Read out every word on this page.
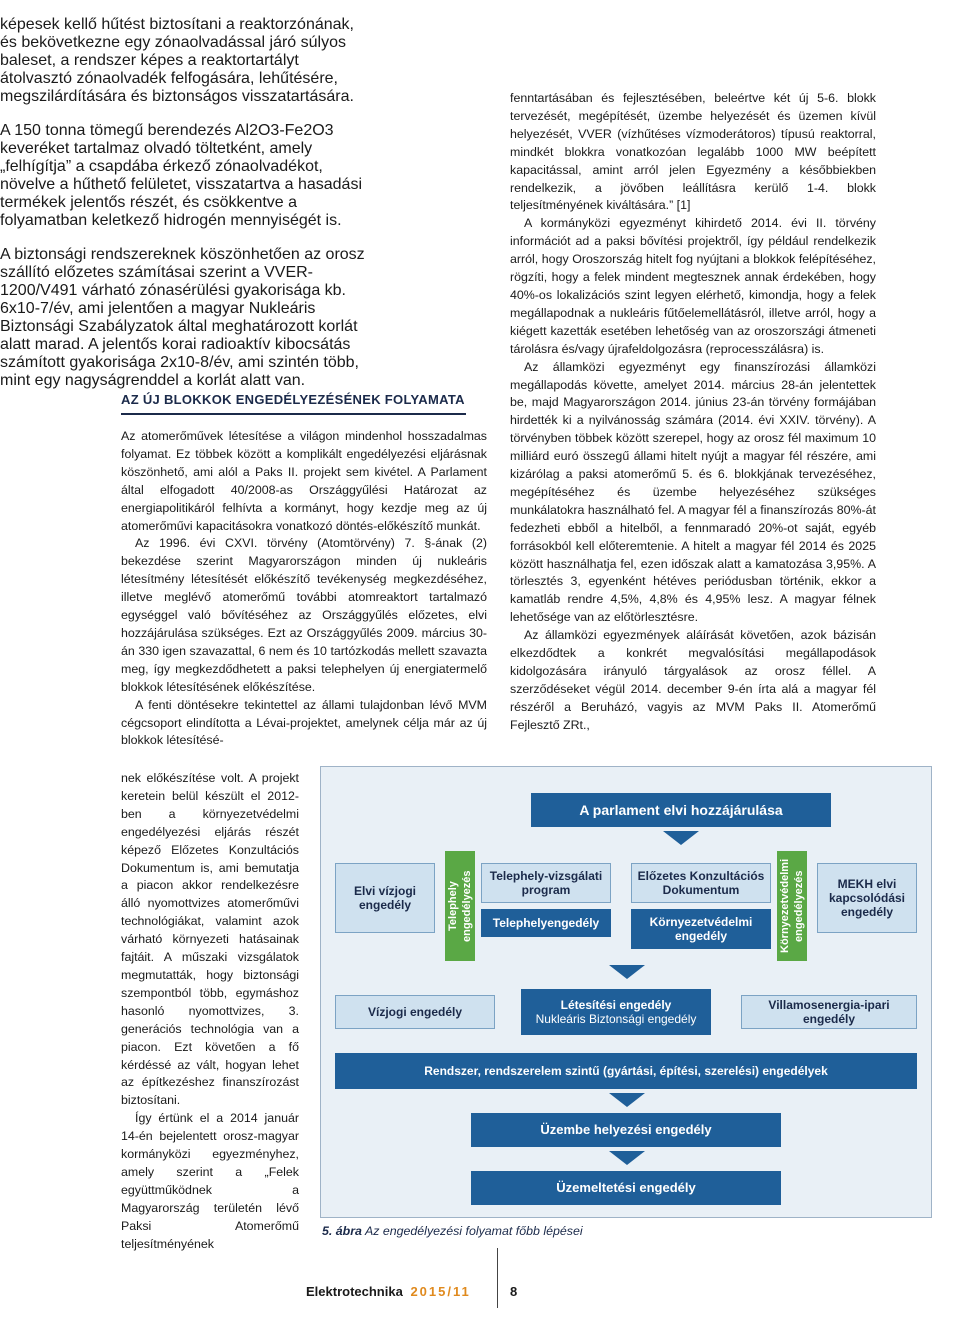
képesek kellő hűtést biztosítani a reaktorzónának, és bekövetkezne egy zónaolvadással járó súlyos baleset, a rendszer képes a reaktortartályt átolvasztó zónaolvadék felfogására, lehűtésére, megszilárdítására és biztonságos visszatartására.

A 150 tonna tömegű berendezés Al2O3-Fe2O3 keveréket tartalmaz olvadó töltetként, amely „felhígítja” a csapdába érkező zónaolvadékot, növelve a hűthető felületet, visszatartva a hasadási termékek jelentős részét, és csökkentve a folyamatban keletkező hidrogén mennyiségét is.

A biztonsági rendszereknek köszönhetően az orosz szállító előzetes számításai szerint a VVER-1200/V491 várható zónasérülési gyakorisága kb. 6x10-7/év, ami jelentően a magyar Nukleáris Biztonsági Szabályzatok által meghatározott korlát alatt marad. A jelentős korai radioaktív kibocsátás számított gyakorisága 2x10-8/év, ami szintén több, mint egy nagyságrenddel a korlát alatt van.

AZ ÚJ BLOKKOK ENGEDÉLYEZÉSÉNEK FOLYAMATA

Az atomerőművek létesítése a világon mindenhol hosszadalmas folyamat. Ez többek között a komplikált engedélyezési eljárásnak köszönhető, ami alól a Paks II. projekt sem kivétel. A Parlament által elfogadott 40/2008-as Országgyűlési Határozat az energiapolitikáról felhívta a kormányt, hogy kezdje meg az új atomerőművi kapacitásokra vonatkozó döntés-előkészítő munkát.

Az 1996. évi CXVI. törvény (Atomtörvény) 7. §-ának (2) bekezdése szerint Magyarországon minden új nukleáris létesítmény létesítését előkészítő tevékenység megkezdéséhez, illetve meglévő atomerőmű további atomreaktort tartalmazó egységgel való bővítéséhez az Országgyűlés előzetes, elvi hozzájárulása szükséges. Ezt az Országgyűlés 2009. március 30-án 330 igen szavazattal, 6 nem és 10 tartózkodás mellett szavazta meg, így megkezdődhetett a paksi telephelyen új energiatermelő blokkok létesítésének előkészítése.

A fenti döntésekre tekintettel az állami tulajdonban lévő MVM cégcsoport elindította a Lévai-projektet, amelynek célja már az új blokkok létesítésé-

nek előkészítése volt. A projekt keretein belül készült el 2012-ben a környezetvédelmi engedélyezési eljárás részét képező Előzetes Konzultációs Dokumentum is, ami bemutatja a piacon akkor rendelkezésre álló nyomottvizes atomerőművi technológiákat, valamint azok várható környezeti hatásainak fajtáit. A műszaki vizsgálatok megmutatták, hogy biztonsági szempontból több, egymáshoz hasonló nyomottvizes, 3. generációs technológia van a piacon. Ezt követően a fő kérdéssé az vált, hogyan lehet az építkezéshez finanszírozást biztosítani.

Így értünk el a 2014 január 14-én bejelentett orosz-magyar kormányközi egyezményhez, amely szerint a „Felek együttműködnek a Magyarország területén lévő Paksi Atomerőmű teljesítményének

fenntartásában és fejlesztésében, beleértve két új 5-6. blokk tervezését, megépítését, üzembe helyezését és üzemen kívül helyezését, VVER (vízhűtéses vízmoderátoros) típusú reaktorral, mindkét blokkra vonatkozóan legalább 1000 MW beépített kapacitással, amint arról jelen Egyezmény a későbbiekben rendelkezik, a jövőben leállításra kerülő 1-4. blokk teljesítményének kiváltására.” [1]

A kormányközi egyezményt kihirdető 2014. évi II. törvény információt ad a paksi bővítési projektről, így például rendelkezik arról, hogy Oroszország hitelt fog nyújtani a blokkok felépítéséhez, rögzíti, hogy a felek mindent megtesznek annak érdekében, hogy 40%-os lokalizációs szint legyen elérhető, kimondja, hogy a felek megállapodnak a nukleáris fűtőelemellátásról, illetve arról, hogy a kiégett kazetták esetében lehetőség van az oroszországi átmeneti tárolásra és/vagy újrafeldolgozásra (reprocesszálásra) is.

Az államközi egyezményt egy finanszírozási államközi megállapodás követte, amelyet 2014. március 28-án jelentettek be, majd Magyarországon 2014. június 23-án törvény formájában hirdették ki a nyilvánosság számára (2014. évi XXIV. törvény). A törvényben többek között szerepel, hogy az orosz fél maximum 10 milliárd euró összegű állami hitelt nyújt a magyar fél részére, ami kizárólag a paksi atomerőmű 5. és 6. blokkjának tervezéséhez, megépítéséhez és üzembe helyezéséhez szükséges munkálatokra használható fel. A magyar fél a finanszírozás 80%-át fedezheti ebből a hitelből, a fennmaradó 20%-ot saját, egyéb forrásokból kell előteremtenie. A hitelt a magyar fél 2014 és 2025 között használhatja fel, ezen időszak alatt a kamatozása 3,95%. A törlesztés 3, egyenként hétéves periódusban történik, ekkor a kamatláb rendre 4,5%, 4,8% és 4,95% lesz. A magyar félnek lehetősége van az előtörlesztésre.

Az államközi egyezmények aláírását követően, azok bázisán elkezdődtek a konkrét megvalósítási megállapodások kidolgozására irányuló tárgyalások az orosz féllel. A szerződéseket végül 2014. december 9-én írta alá a magyar fél részéről a Beruházó, vagyis az MVM Paks II. Atomerőmű Fejlesztő ZRt.,

A parlament elvi hozzájárulása
Elvi vízjogi engedély	Telephely engedélyezés	Telephely-vizsgálati program
Telephelyengedély
Előzetes Konzultációs Dokumentum
Környezetvédelmi engedély	Környezetvédelmi engedélyezés	MEKH elvi kapcsolódási engedély
Vízjogi engedély	Létesítési engedély
Nukleáris Biztonsági engedély
Villamosenergia-ipari engedély
Rendszer, rendszerelem szintű (gyártási, építési, szerelési) engedélyek
Üzembe helyezési engedély
Üzemeltetési engedély
5. ábra Az engedélyezési folyamat főbb lépései
Elektrotechnika 2015/11	8
